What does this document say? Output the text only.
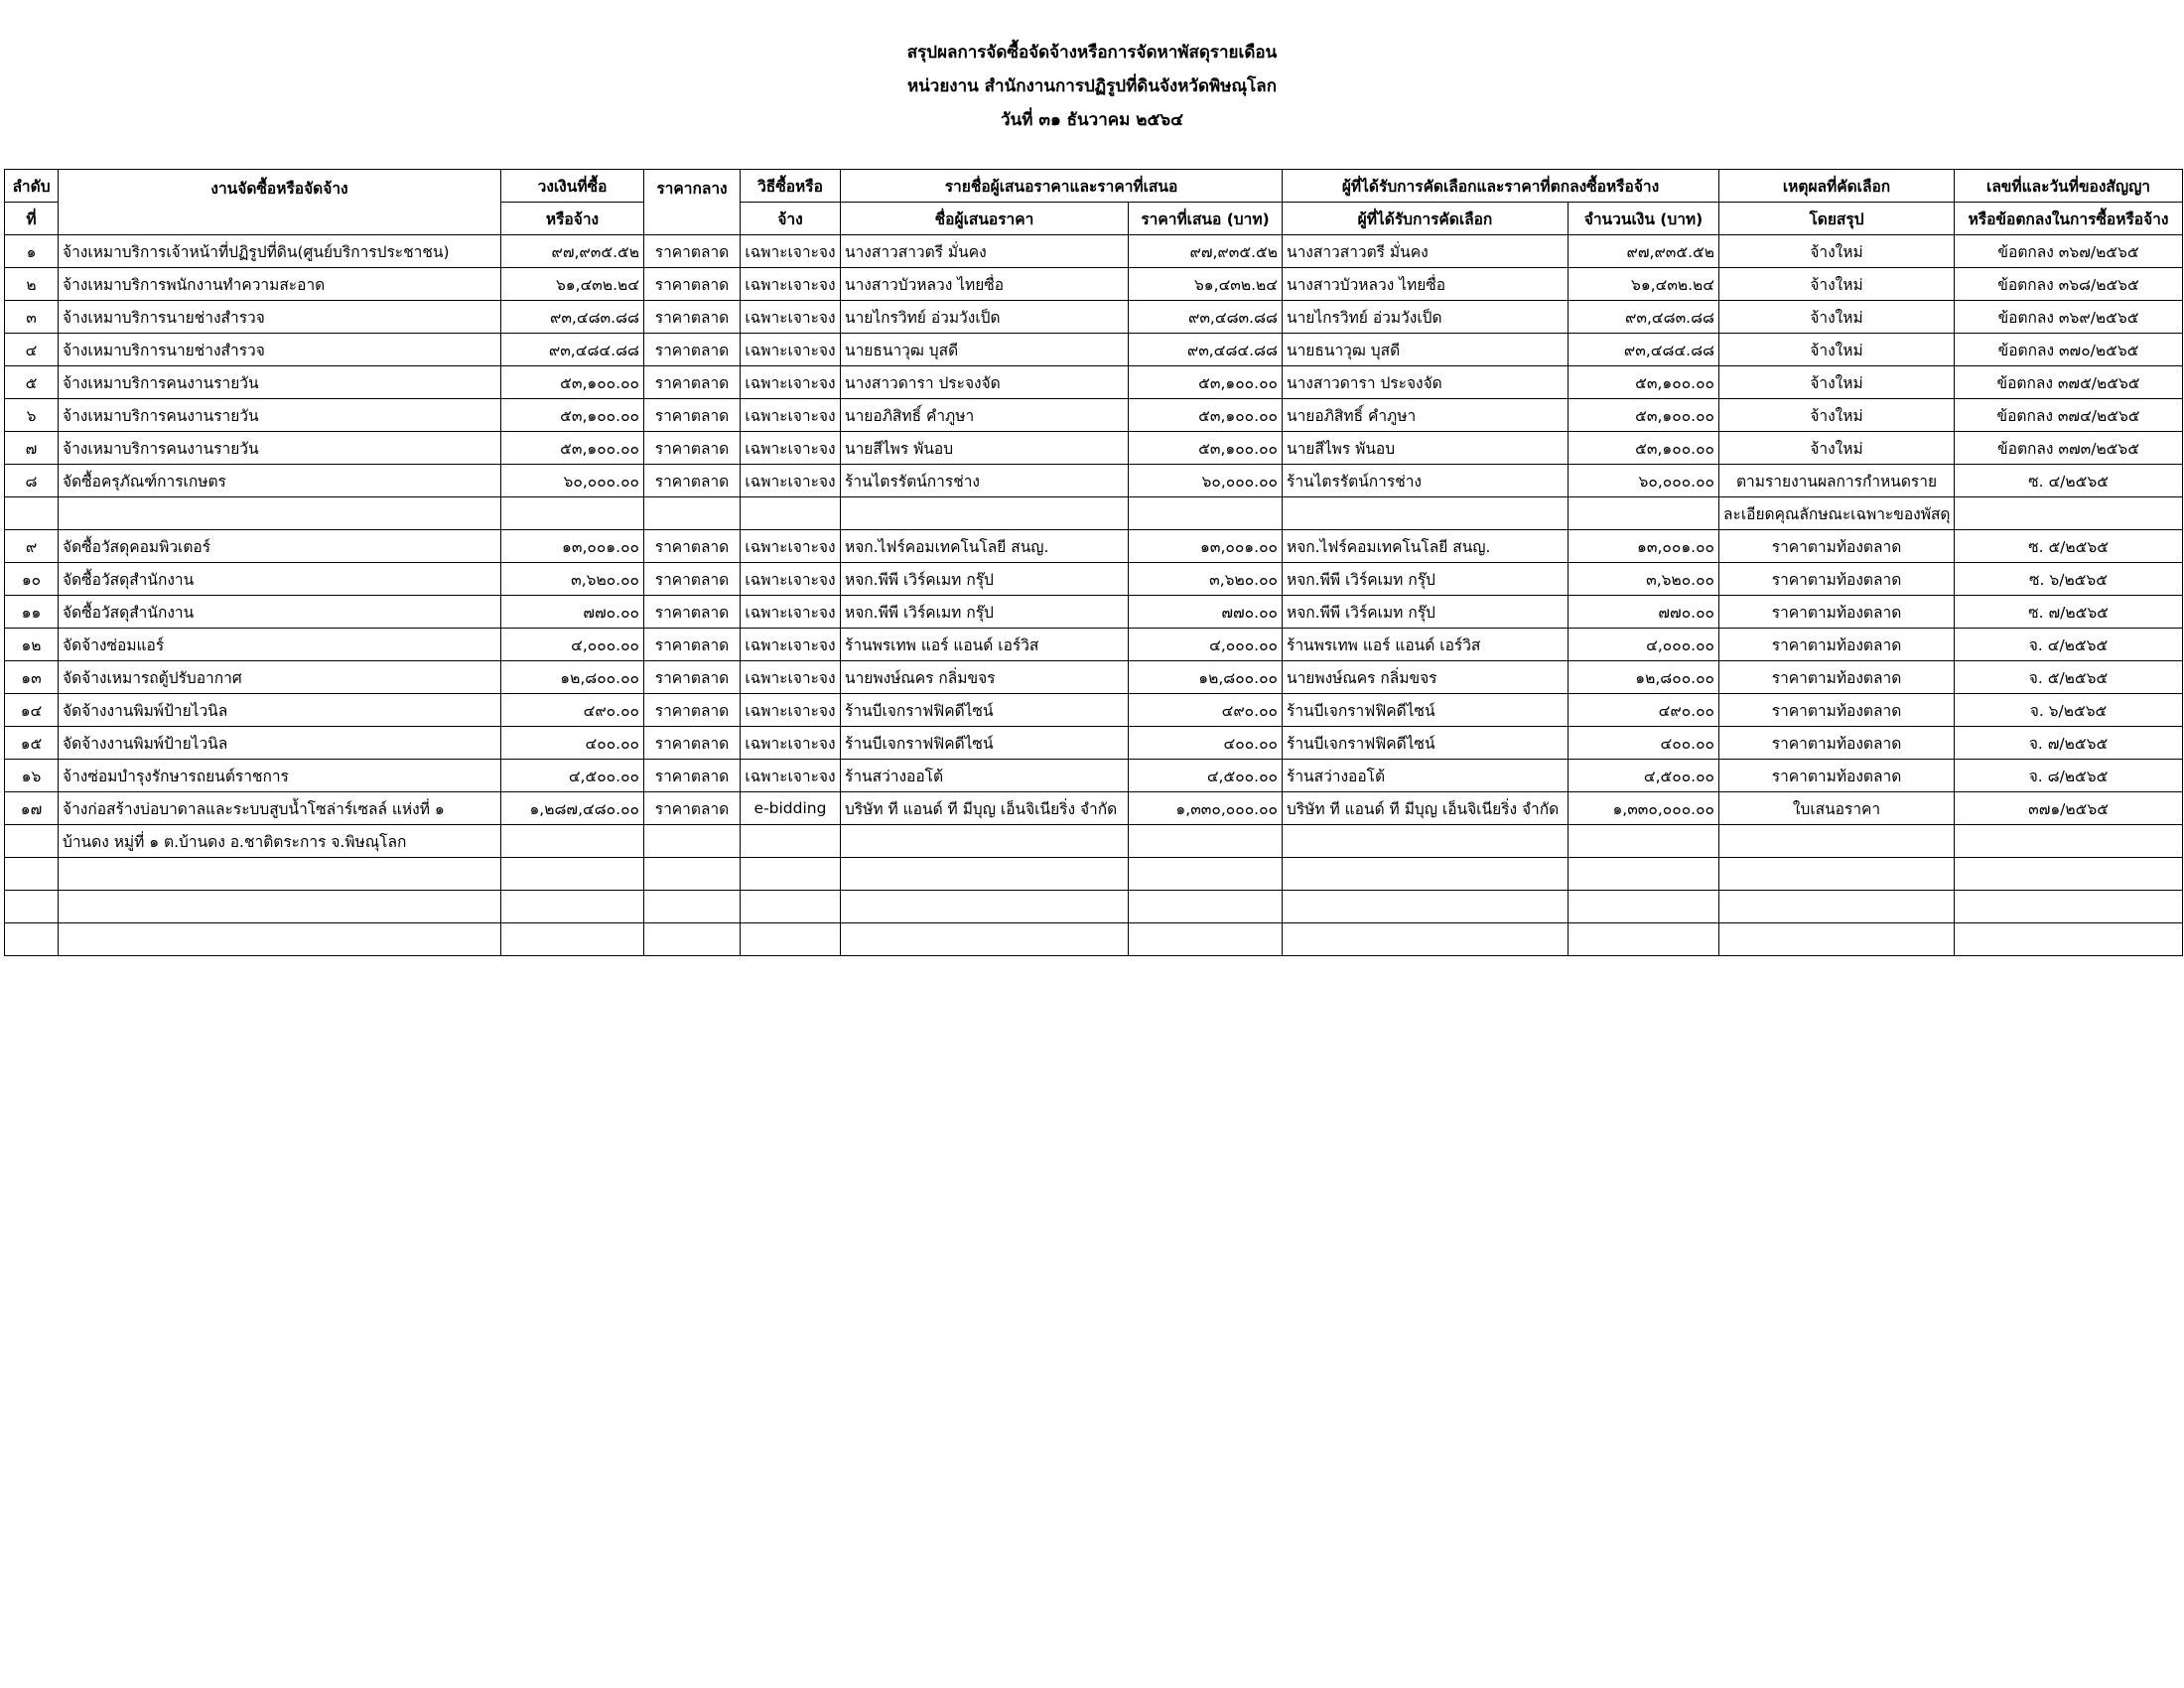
สรุปผลการจัดซื้อจัดจ้างหรือการจัดหาพัสดุรายเดือน
หน่วยงาน สำนักงานการปฏิรูปที่ดินจังหวัดพิษณุโลก
วันที่ ๓๑ ธันวาคม ๒๕๖๔
ลำดับ	งานจัดซื้อหรือจัดจ้าง	วงเงินที่ซื้อ	ราคากลาง	วิธีซื้อหรือ	รายชื่อผู้เสนอราคาและราคาที่เสนอ		ผู้ที่ได้รับการคัดเลือกและราคาที่ตกลงซื้อหรือจ้าง		เหตุผลที่คัดเลือก	เลขที่และวันที่ของสัญญา
ที่		หรือจ้าง		จ้าง	ชื่อผู้เสนอราคา	ราคาที่เสนอ (บาท)	ผู้ที่ได้รับการคัดเลือก	จำนวนเงิน (บาท)	โดยสรุป	หรือข้อตกลงในการซื้อหรือจ้าง
๑	จ้างเหมาบริการเจ้าหน้าที่ปฏิรูปที่ดิน(ศูนย์บริการประชาชน)	๙๗,๙๓๕.๕๒	ราคาตลาด	เฉพาะเจาะจง	นางสาวสาวตรี มั่นคง	๙๗,๙๓๕.๕๒	นางสาวสาวตรี มั่นคง	๙๗,๙๓๕.๕๒	จ้างใหม่	ข้อตกลง ๓๖๗/๒๕๖๕
๒	จ้างเหมาบริการพนักงานทำความสะอาด	๖๑,๔๓๒.๒๔	ราคาตลาด	เฉพาะเจาะจง	นางสาวบัวหลวง ไทยซื่อ	๖๑,๔๓๒.๒๔	นางสาวบัวหลวง ไทยซื่อ	๖๑,๔๓๒.๒๔	จ้างใหม่	ข้อตกลง ๓๖๘/๒๕๖๕
๓	จ้างเหมาบริการนายช่างสำรวจ	๙๓,๔๘๓.๘๘	ราคาตลาด	เฉพาะเจาะจง	นายไกรวิทย์ อ่วมวังเป็ด	๙๓,๔๘๓.๘๘	นายไกรวิทย์ อ่วมวังเป็ด	๙๓,๔๘๓.๘๘	จ้างใหม่	ข้อตกลง ๓๖๙/๒๕๖๕
๔	จ้างเหมาบริการนายช่างสำรวจ	๙๓,๔๘๔.๘๘	ราคาตลาด	เฉพาะเจาะจง	นายธนาวุฒ บุสดี	๙๓,๔๘๔.๘๘	นายธนาวุฒ บุสดี	๙๓,๔๘๔.๘๘	จ้างใหม่	ข้อตกลง ๓๗๐/๒๕๖๕
๕	จ้างเหมาบริการคนงานรายวัน	๕๓,๑๐๐.๐๐	ราคาตลาด	เฉพาะเจาะจง	นางสาวดารา ประจงจัด	๕๓,๑๐๐.๐๐	นางสาวดารา ประจงจัด	๕๓,๑๐๐.๐๐	จ้างใหม่	ข้อตกลง ๓๗๕/๒๕๖๕
๖	จ้างเหมาบริการคนงานรายวัน	๕๓,๑๐๐.๐๐	ราคาตลาด	เฉพาะเจาะจง	นายอภิสิทธิ์ คำภูษา	๕๓,๑๐๐.๐๐	นายอภิสิทธิ์ คำภูษา	๕๓,๑๐๐.๐๐	จ้างใหม่	ข้อตกลง ๓๗๔/๒๕๖๕
๗	จ้างเหมาบริการคนงานรายวัน	๕๓,๑๐๐.๐๐	ราคาตลาด	เฉพาะเจาะจง	นายสีไพร พันอบ	๕๓,๑๐๐.๐๐	นายสีไพร พันอบ	๕๓,๑๐๐.๐๐	จ้างใหม่	ข้อตกลง ๓๗๓/๒๕๖๕
๘	จัดซื้อครุภัณฑ์การเกษตร	๖๐,๐๐๐.๐๐	ราคาตลาด	เฉพาะเจาะจง	ร้านไตรรัตน์การช่าง	๖๐,๐๐๐.๐๐	ร้านไตรรัตน์การช่าง	๖๐,๐๐๐.๐๐	ตามรายงานผลการกำหนดราย	ซ. ๔/๒๕๖๕
									ละเอียดคุณลักษณะเฉพาะของพัสดุ	
๙	จัดซื้อวัสดุคอมพิวเตอร์	๑๓,๐๐๑.๐๐	ราคาตลาด	เฉพาะเจาะจง	หจก.ไฟร์คอมเทคโนโลยี สนญ.	๑๓,๐๐๑.๐๐	หจก.ไฟร์คอมเทคโนโลยี สนญ.	๑๓,๐๐๑.๐๐	ราคาตามท้องตลาด	ซ. ๕/๒๕๖๕
๑๐	จัดซื้อวัสดุสำนักงาน	๓,๖๒๐.๐๐	ราคาตลาด	เฉพาะเจาะจง	หจก.พีพี เวิร์คเมท กรุ๊ป	๓,๖๒๐.๐๐	หจก.พีพี เวิร์คเมท กรุ๊ป	๓,๖๒๐.๐๐	ราคาตามท้องตลาด	ซ. ๖/๒๕๖๕
๑๑	จัดซื้อวัสดุสำนักงาน	๗๗๐.๐๐	ราคาตลาด	เฉพาะเจาะจง	หจก.พีพี เวิร์คเมท กรุ๊ป	๗๗๐.๐๐	หจก.พีพี เวิร์คเมท กรุ๊ป	๗๗๐.๐๐	ราคาตามท้องตลาด	ซ. ๗/๒๕๖๕
๑๒	จัดจ้างซ่อมแอร์	๔,๐๐๐.๐๐	ราคาตลาด	เฉพาะเจาะจง	ร้านพรเทพ แอร์ แอนด์ เอร์วิส	๔,๐๐๐.๐๐	ร้านพรเทพ แอร์ แอนด์ เอร์วิส	๔,๐๐๐.๐๐	ราคาตามท้องตลาด	จ. ๔/๒๕๖๕
๑๓	จัดจ้างเหมารถตู้ปรับอากาศ	๑๒,๘๐๐.๐๐	ราคาตลาด	เฉพาะเจาะจง	นายพงษ์ณคร กลิ่มขจร	๑๒,๘๐๐.๐๐	นายพงษ์ณคร กลิ่มขจร	๑๒,๘๐๐.๐๐	ราคาตามท้องตลาด	จ. ๕/๒๕๖๕
๑๔	จัดจ้างงานพิมพ์ป้ายไวนิล	๔๙๐.๐๐	ราคาตลาด	เฉพาะเจาะจง	ร้านบีเจกราฟฟิคดีไซน์	๔๙๐.๐๐	ร้านบีเจกราฟฟิคดีไซน์	๔๙๐.๐๐	ราคาตามท้องตลาด	จ. ๖/๒๕๖๕
๑๕	จัดจ้างงานพิมพ์ป้ายไวนิล	๔๐๐.๐๐	ราคาตลาด	เฉพาะเจาะจง	ร้านบีเจกราฟฟิคดีไซน์	๔๐๐.๐๐	ร้านบีเจกราฟฟิคดีไซน์	๔๐๐.๐๐	ราคาตามท้องตลาด	จ. ๗/๒๕๖๕
๑๖	จ้างซ่อมบำรุงรักษารถยนต์ราชการ	๔,๕๐๐.๐๐	ราคาตลาด	เฉพาะเจาะจง	ร้านสว่างออโต้	๔,๕๐๐.๐๐	ร้านสว่างออโต้	๔,๕๐๐.๐๐	ราคาตามท้องตลาด	จ. ๘/๒๕๖๕
๑๗	จ้างก่อสร้างบ่อบาดาลและระบบสูบน้ำโซล่าร์เซลล์ แห่งที่ ๑	๑,๒๘๗,๔๘๐.๐๐	ราคาตลาด	e-bidding	บริษัท ที แอนด์ ที มีบุญ เอ็นจิเนียริ่ง จำกัด	๑,๓๓๐,๐๐๐.๐๐	บริษัท ที แอนด์ ที มีบุญ เอ็นจิเนียริ่ง จำกัด	๑,๓๓๐,๐๐๐.๐๐	ใบเสนอราคา	๓๗๑/๒๕๖๕
	บ้านดง หมู่ที่ ๑ ต.บ้านดง อ.ชาติตระการ จ.พิษณุโลก									
